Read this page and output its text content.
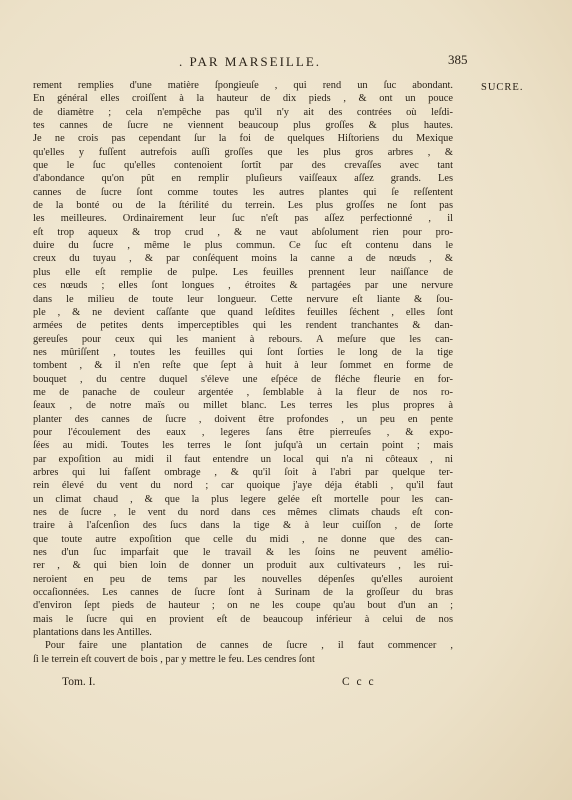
. PAR MARSEILLE.	385
SUCRE.
rement remplies d'une matière ſpongieuſe , qui rend un ſuc abondant.
En général elles croiſſent à la hauteur de dix pieds , & ont un pouce
de diamètre ; cela n'empêche pas qu'il n'y ait des contrées où leſdi-
tes cannes de ſucre ne viennent beaucoup plus groſſes & plus hautes.
Je ne crois pas cependant ſur la foi de quelques Hiſtoriens du Mexique
qu'elles y fuſſent autrefois auſſi groſſes que les plus gros arbres , &
que le ſuc qu'elles contenoient ſortît par des crevaſſes avec tant
d'abondance qu'on pût en remplir pluſieurs vaiſſeaux aſſez grands. Les
cannes de ſucre ſont comme toutes les autres plantes qui ſe reſſentent
de la bonté ou de la ſtérilité du terrein. Les plus groſſes ne ſont pas
les meilleures. Ordinairement leur ſuc n'eſt pas aſſez perfectionné , il
eſt trop aqueux & trop crud , & ne vaut abſolument rien pour pro-
duire du ſucre , même le plus commun. Ce ſuc eſt contenu dans le
creux du tuyau , & par conſéquent moins la canne a de nœuds , &
plus elle eſt remplie de pulpe. Les feuilles prennent leur naiſſance de
ces nœuds ; elles ſont longues , étroites & partagées par une nervure
dans le milieu de toute leur longueur. Cette nervure eſt liante & ſou-
ple , & ne devient caſſante que quand leſdites feuilles ſéchent , elles ſont
armées de petites dents imperceptibles qui les rendent tranchantes & dan-
gereuſes pour ceux qui les manient à rebours. A meſure que les can-
nes mûriſſent , toutes les feuilles qui ſont ſorties le long de la tige
tombent , & il n'en reſte que ſept à huit à leur ſommet en forme de
bouquet , du centre duquel s'éleve une eſpéce de fléche fleurie en for-
me de panache de couleur argentée , ſemblable à la fleur de nos ro-
ſeaux , de notre maïs ou millet blanc. Les terres les plus propres à
planter des cannes de ſucre , doivent être profondes , un peu en pente
pour l'écoulement des eaux , legeres ſans être pierreuſes , & expo-
ſées au midi. Toutes les terres le ſont juſqu'à un certain point ; mais
par expoſition au midi il faut entendre un local qui n'a ni côteaux , ni
arbres qui lui faſſent ombrage , & qu'il ſoit à l'abri par quelque ter-
rein élevé du vent du nord ; car quoique j'aye déja établi , qu'il faut
un climat chaud , & que la plus legere gelée eſt mortelle pour les can-
nes de ſucre , le vent du nord dans ces mêmes climats chauds eſt con-
traire à l'aſcenſion des ſucs dans la tige & à leur cuiſſon , de ſorte
que toute autre expoſition que celle du midi , ne donne que des can-
nes d'un ſuc imparfait que le travail & les ſoins ne peuvent amélio-
rer , & qui bien loin de donner un produit aux cultivateurs , les rui-
neroient en peu de tems par les nouvelles dépenſes qu'elles auroient
occaſionnées. Les cannes de ſucre ſont à Surinam de la groſſeur du bras
d'environ ſept pieds de hauteur ; on ne les coupe qu'au bout d'un an ;
mais le ſucre qui en provient eſt de beaucoup inférieur à celui de nos
plantations dans les Antilles.
Pour faire une plantation de cannes de ſucre , il faut commencer ,
ſi le terrein eſt couvert de bois , par y mettre le feu. Les cendres ſont
Tom. I.	C c c
